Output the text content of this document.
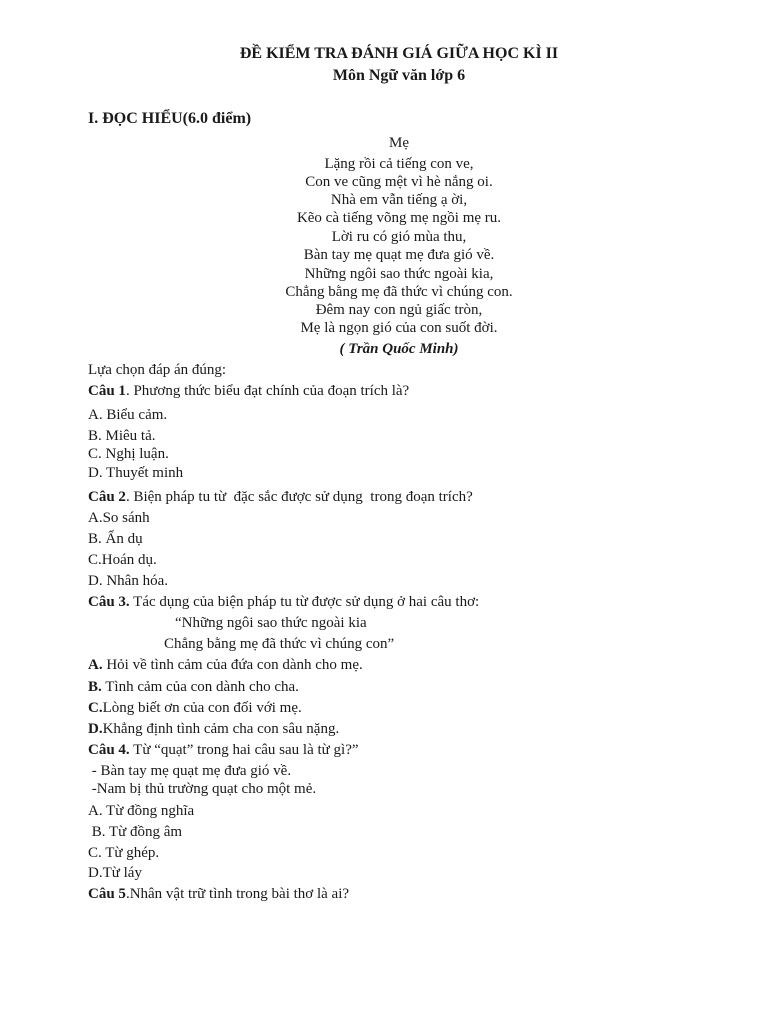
ĐỀ KIỂM TRA ĐÁNH GIÁ GIỮA HỌC KÌ II
Môn Ngữ văn lớp 6
I. ĐỌC HIỂU(6.0 điểm)
Mẹ
Lặng rồi cả tiếng con ve,
Con ve cũng mệt vì hè nắng oi.
Nhà em vẫn tiếng ạ ời,
Kẽo cà tiếng võng mẹ ngồi mẹ ru.
Lời ru có gió mùa thu,
Bàn tay mẹ quạt mẹ đưa gió về.
Những ngôi sao thức ngoài kia,
Chẳng bằng mẹ đã thức vì chúng con.
Đêm nay con ngủ giấc tròn,
Mẹ là ngọn gió của con suốt đời.
( Trần Quốc Minh)
Lựa chọn đáp án đúng:
Câu 1. Phương thức biểu đạt chính của đoạn trích là?
A. Biểu cảm.
B. Miêu tả.
C. Nghị luận.
D. Thuyết minh
Câu 2. Biện pháp tu từ  đặc sắc được sử dụng  trong đoạn trích?
A.So sánh
B. Ẩn dụ
C.Hoán dụ.
D. Nhân hóa.
Câu 3. Tác dụng của biện pháp tu từ được sử dụng ở hai câu thơ:
“Những ngôi sao thức ngoài kia
Chẳng bằng mẹ đã thức vì chúng con”
A. Hỏi về tình cảm của đứa con dành cho mẹ.
B. Tình cảm của con dành cho cha.
C.Lòng biết ơn của con đối với mẹ.
D.Khẳng định tình cảm cha con sâu nặng.
Câu 4. Từ “quạt” trong hai câu sau là từ gì?”
- Bàn tay mẹ quạt mẹ đưa gió về.
-Nam bị thủ trường quạt cho một mẻ.
A. Từ đồng nghĩa
B. Từ đồng âm
C. Từ ghép.
D.Từ láy
Câu 5.Nhân vật trữ tình trong bài thơ là ai?
